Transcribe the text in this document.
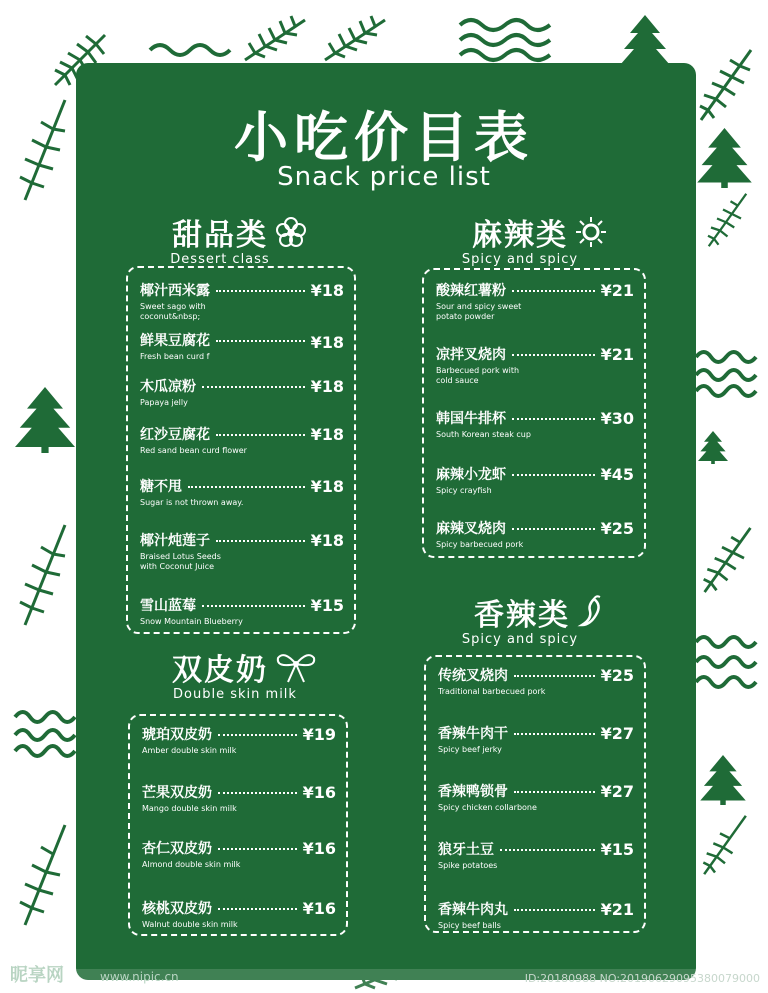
小吃价目表
Snack price list
甜品类
Dessert class
麻辣类
Spicy and spicy
双皮奶
Double skin milk
香辣类
Spicy and spicy
椰汁西米露	¥18
Sweet sago with coconut&nbsp;
鲜果豆腐花	¥18
Fresh bean curd f
木瓜凉粉	¥18
Papaya jelly
红沙豆腐花	¥18
Red sand bean curd flower
糖不甩	¥18
Sugar is not thrown away.
椰汁炖莲子	¥18
Braised Lotus Seeds with Coconut Juice
雪山蓝莓	¥15
Snow Mountain Blueberry
酸辣红薯粉	¥21
Sour and spicy sweet potato powder
凉拌叉烧肉	¥21
Barbecued pork with cold sauce
韩国牛排杯	¥30
South Korean steak cup
麻辣小龙虾	¥45
Spicy crayfish
麻辣叉烧肉	¥25
Spicy barbecued pork
琥珀双皮奶	¥19
Amber double skin milk
芒果双皮奶	¥16
Mango double skin milk
杏仁双皮奶	¥16
Almond double skin milk
核桃双皮奶	¥16
Walnut double skin milk
传统叉烧肉	¥25
Traditional barbecued pork
香辣牛肉干	¥27
Spicy beef jerky
香辣鸭锁骨	¥27
Spicy chicken collarbone
狼牙土豆	¥15
Spike potatoes
香辣牛肉丸	¥21
Spicy beef balls
昵享网	www.nipic.cn	ID:20180988 NO:20190629095380079000
